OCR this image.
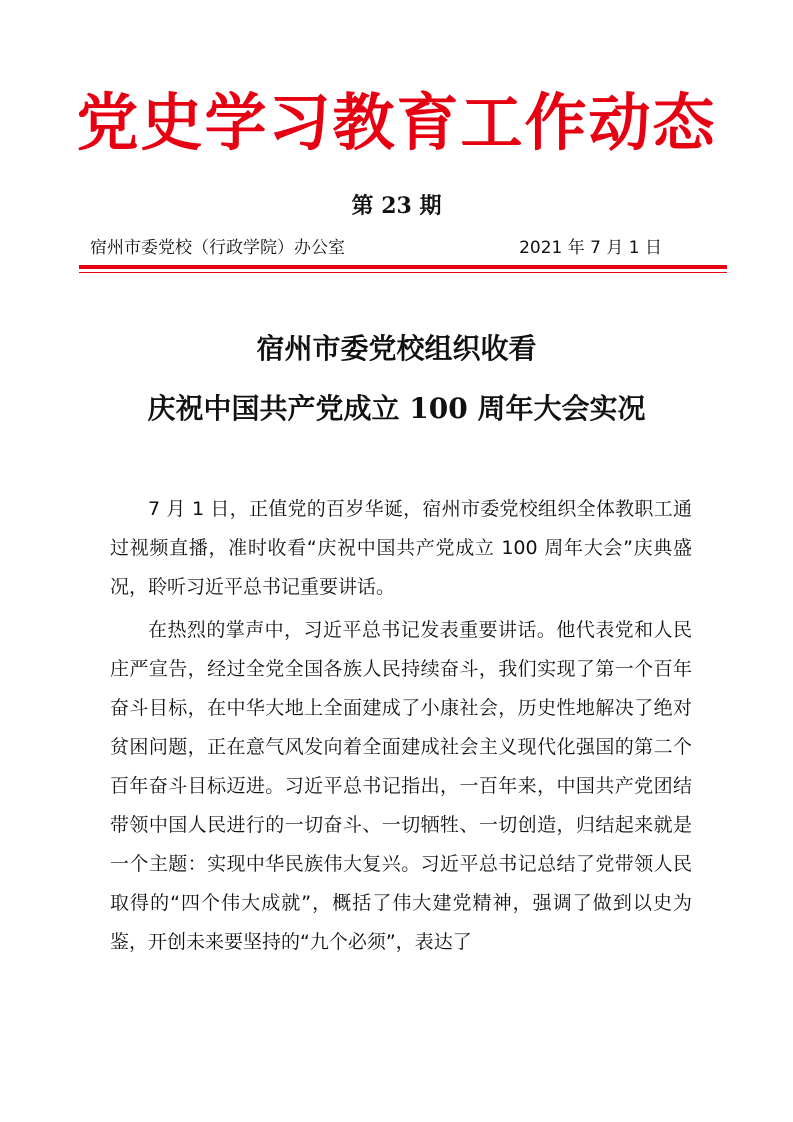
党史学习教育工作动态
第 23 期
宿州市委党校（行政学院）办公室	2021 年 7 月 1 日
宿州市委党校组织收看
庆祝中国共产党成立 100 周年大会实况

7 月 1 日，正值党的百岁华诞，宿州市委党校组织全体教职工通过视频直播，准时收看“庆祝中国共产党成立 100 周年大会”庆典盛况，聆听习近平总书记重要讲话。

在热烈的掌声中，习近平总书记发表重要讲话。他代表党和人民庄严宣告，经过全党全国各族人民持续奋斗，我们实现了第一个百年奋斗目标，在中华大地上全面建成了小康社会，历史性地解决了绝对贫困问题，正在意气风发向着全面建成社会主义现代化强国的第二个百年奋斗目标迈进。习近平总书记指出，一百年来，中国共产党团结带领中国人民进行的一切奋斗、一切牺牲、一切创造，归结起来就是一个主题：实现中华民族伟大复兴。习近平总书记总结了党带领人民取得的“四个伟大成就”，概括了伟大建党精神，强调了做到以史为鉴，开创未来要坚持的“九个必须”，表达了
